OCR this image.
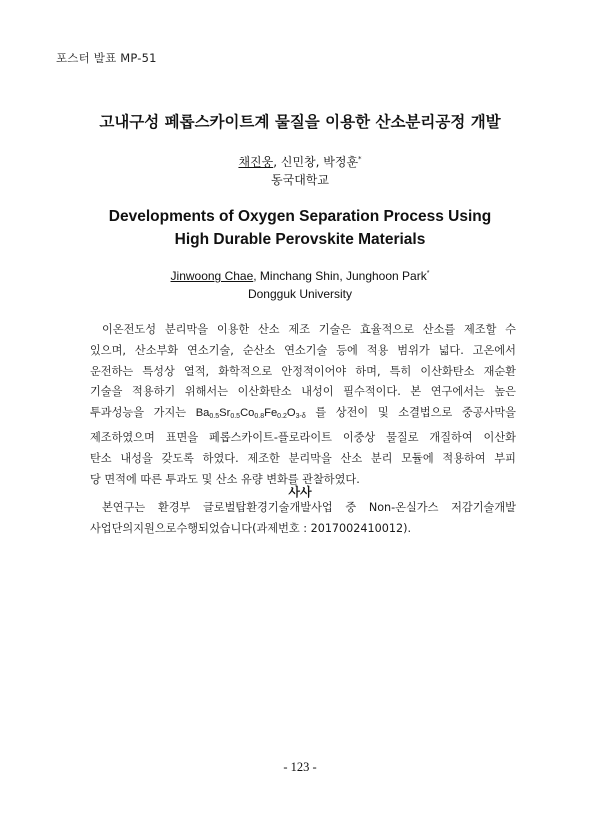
포스터 발표 MP-51
고내구성 페롭스카이트계 물질을 이용한 산소분리공정 개발
채진웅, 신민창, 박정훈*
동국대학교
Developments of Oxygen Separation Process Using
High Durable Perovskite Materials
Jinwoong Chae, Minchang Shin, Junghoon Park*
Dongguk University
이온전도성 분리막을 이용한 산소 제조 기술은 효율적으로 산소를 제조할 수
있으며, 산소부화 연소기술, 순산소 연소기술 등에 적용 범위가 넓다. 고온에서
운전하는 특성상 열적, 화학적으로 안정적이어야 하며, 특히 이산화탄소 재순환
기술을 적용하기 위해서는 이산화탄소 내성이 필수적이다. 본 연구에서는 높은
투과성능을 가지는 $Ba_{0.5}Sr_{0.5}Co_{0.8}Fe_{0.2}O_{3-\delta}$ 를 상전이 및 소결법으로 중공사막을
제조하였으며 표면을 페롭스카이트-플로라이트 이중상 물질로 개질하여 이산화
탄소 내성을 갖도록 하였다. 제조한 분리막을 산소 분리 모듈에 적용하여 부피
당 면적에 따른 투과도 및 산소 유량 변화를 관찰하였다.
사사
본연구는 환경부 글로벌탑환경기술개발사업 중 Non-온실가스 저감기술개발
사업단의지원으로수행되었습니다(과제번호 : 2017002410012).
- 123 -
